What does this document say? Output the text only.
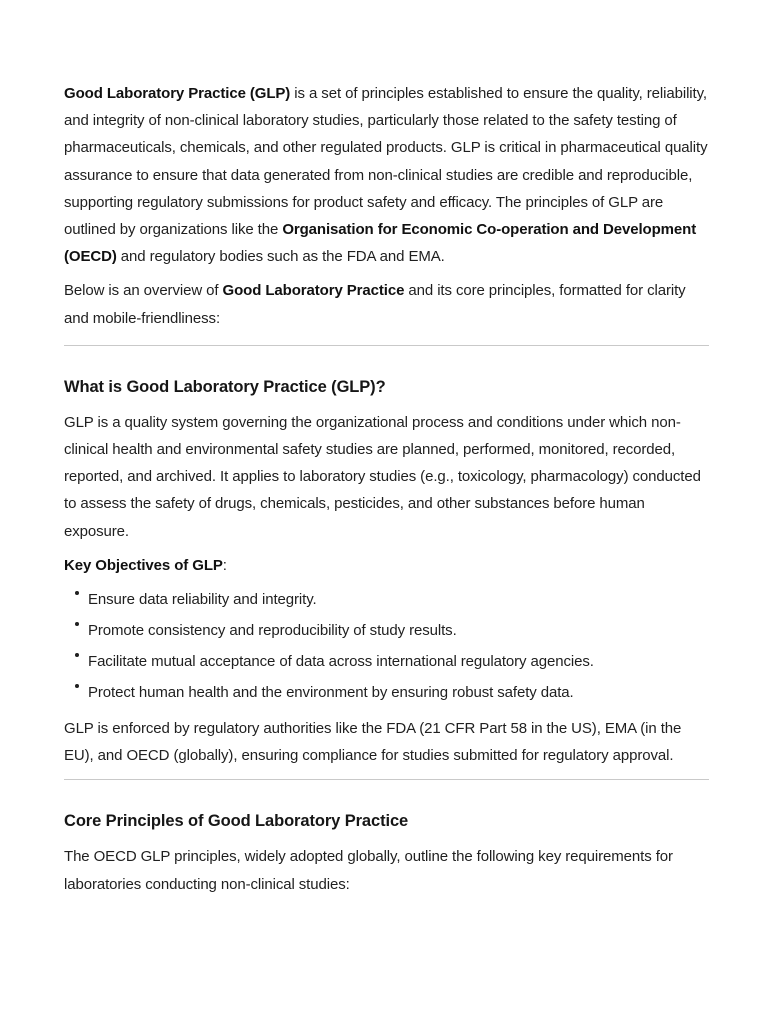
Good Laboratory Practice (GLP) is a set of principles established to ensure the quality, reliability, and integrity of non-clinical laboratory studies, particularly those related to the safety testing of pharmaceuticals, chemicals, and other regulated products. GLP is critical in pharmaceutical quality assurance to ensure that data generated from non-clinical studies are credible and reproducible, supporting regulatory submissions for product safety and efficacy. The principles of GLP are outlined by organizations like the Organisation for Economic Co-operation and Development (OECD) and regulatory bodies such as the FDA and EMA.

Below is an overview of Good Laboratory Practice and its core principles, formatted for clarity and mobile-friendliness:

What is Good Laboratory Practice (GLP)?

GLP is a quality system governing the organizational process and conditions under which non-clinical health and environmental safety studies are planned, performed, monitored, recorded, reported, and archived. It applies to laboratory studies (e.g., toxicology, pharmacology) conducted to assess the safety of drugs, chemicals, pesticides, and other substances before human exposure.

Key Objectives of GLP:

Ensure data reliability and integrity.
Promote consistency and reproducibility of study results.
Facilitate mutual acceptance of data across international regulatory agencies.
Protect human health and the environment by ensuring robust safety data.

GLP is enforced by regulatory authorities like the FDA (21 CFR Part 58 in the US), EMA (in the EU), and OECD (globally), ensuring compliance for studies submitted for regulatory approval.

Core Principles of Good Laboratory Practice

The OECD GLP principles, widely adopted globally, outline the following key requirements for laboratories conducting non-clinical studies:
